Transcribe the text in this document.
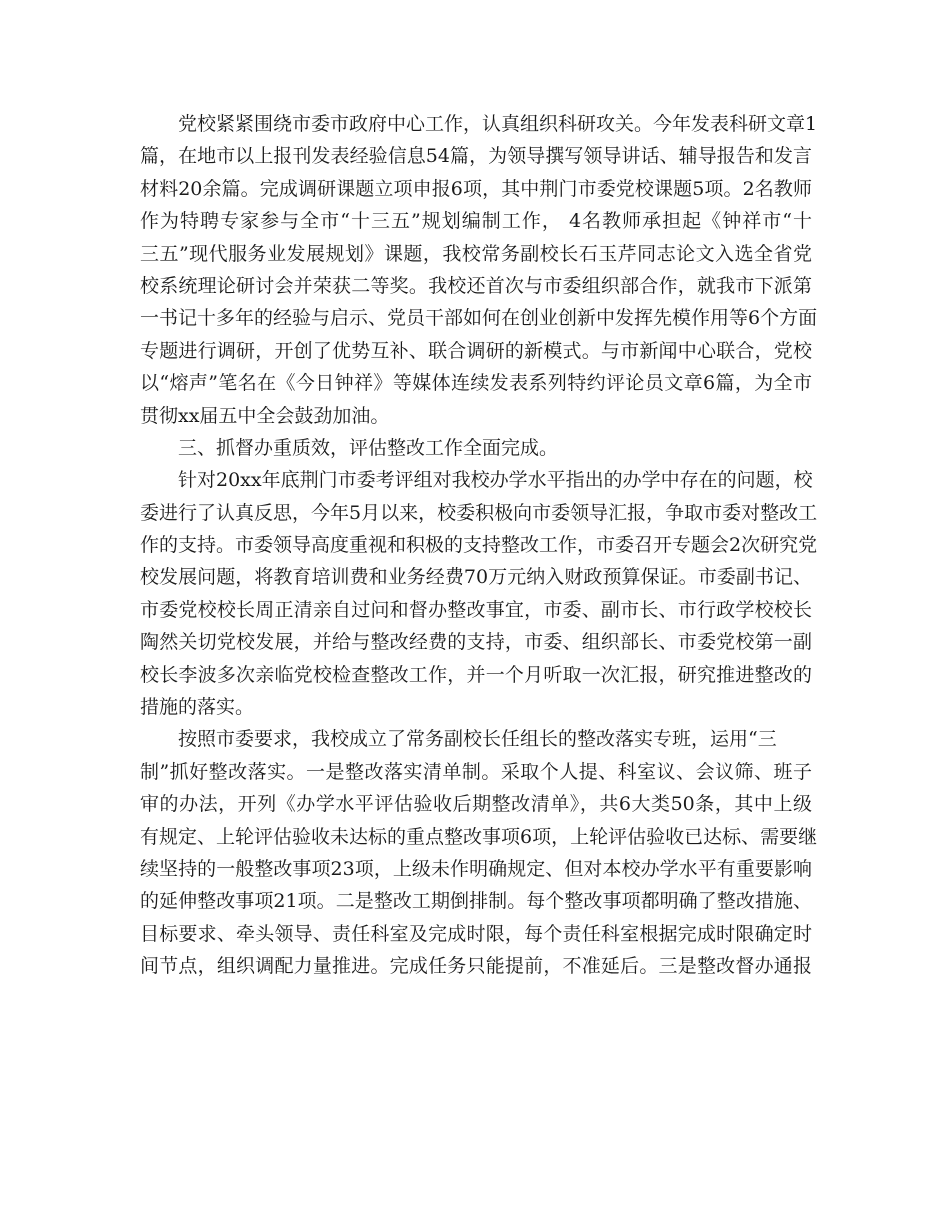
党校紧紧围绕市委市政府中心工作，认真组织科研攻关。今年发表科研文章1
篇，在地市以上报刊发表经验信息54篇，为领导撰写领导讲话、辅导报告和发言
材料20余篇。完成调研课题立项申报6项，其中荆门市委党校课题5项。2名教师
作为特聘专家参与全市“十三五”规划编制工作， 4名教师承担起《钟祥市“十
三五”现代服务业发展规划》课题，我校常务副校长石玉芹同志论文入选全省党
校系统理论研讨会并荣获二等奖。我校还首次与市委组织部合作，就我市下派第
一书记十多年的经验与启示、党员干部如何在创业创新中发挥先模作用等6个方面
专题进行调研，开创了优势互补、联合调研的新模式。与市新闻中心联合，党校
以“熔声”笔名在《今日钟祥》等媒体连续发表系列特约评论员文章6篇，为全市
贯彻xx届五中全会鼓劲加油。
三、抓督办重质效，评估整改工作全面完成。
针对20xx年底荆门市委考评组对我校办学水平指出的办学中存在的问题，校
委进行了认真反思，今年5月以来，校委积极向市委领导汇报，争取市委对整改工
作的支持。市委领导高度重视和积极的支持整改工作，市委召开专题会2次研究党
校发展问题，将教育培训费和业务经费70万元纳入财政预算保证。市委副书记、
市委党校校长周正清亲自过问和督办整改事宜，市委、副市长、市行政学校校长
陶然关切党校发展，并给与整改经费的支持，市委、组织部长、市委党校第一副
校长李波多次亲临党校检查整改工作，并一个月听取一次汇报，研究推进整改的
措施的落实。
按照市委要求，我校成立了常务副校长任组长的整改落实专班，运用“三
制”抓好整改落实。一是整改落实清单制。采取个人提、科室议、会议筛、班子
审的办法，开列《办学水平评估验收后期整改清单》，共6大类50条，其中上级
有规定、上轮评估验收未达标的重点整改事项6项，上轮评估验收已达标、需要继
续坚持的一般整改事项23项，上级未作明确规定、但对本校办学水平有重要影响
的延伸整改事项21项。二是整改工期倒排制。每个整改事项都明确了整改措施、
目标要求、牵头领导、责任科室及完成时限，每个责任科室根据完成时限确定时
间节点，组织调配力量推进。完成任务只能提前，不准延后。三是整改督办通报
